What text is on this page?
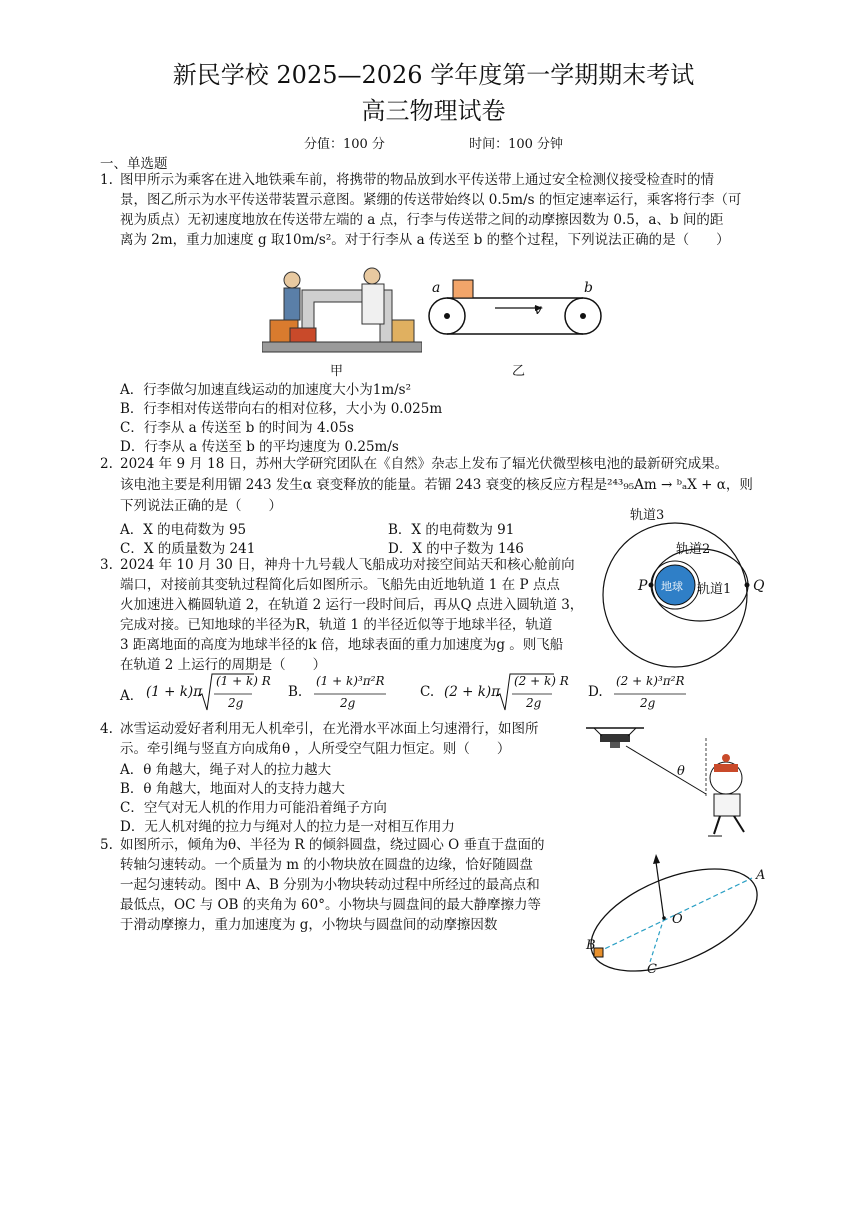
新民学校 2025—2026 学年度第一学期期末考试
高三物理试卷
分值：100 分	时间：100 分钟
一、单选题
1. 图甲所示为乘客在进入地铁乘车前，将携带的物品放到水平传送带上通过安全检测仪接受检查时的情
景，图乙所示为水平传送带装置示意图。紧绷的传送带始终以 0.5m/s 的恒定速率运行，乘客将行李（可
视为质点）无初速度地放在传送带左端的 a 点，行李与传送带之间的动摩擦因数为 0.5，a、b 间的距
离为 2m，重力加速度 g 取10m/s²。对于行李从 a 传送至 b 的整个过程，下列说法正确的是（　　）
甲
a	b
v
乙
A．行李做匀加速直线运动的加速度大小为1m/s²
B．行李相对传送带向右的相对位移，大小为 0.025m
C．行李从 a 传送至 b 的时间为 4.05s
D．行李从 a 传送至 b 的平均速度为 0.25m/s
2. 2024 年 9 月 18 日，苏州大学研究团队在《自然》杂志上发布了辐光伏微型核电池的最新研究成果。
该电池主要是利用镅 243 发生α 衰变释放的能量。若镅 243 衰变的核反应方程是²⁴³₉₅Am → ᵇₐX + α，则
下列说法正确的是（　　）
A．X 的电荷数为 95	B．X 的电荷数为 91
C．X 的质量数为 241	D．X 的中子数为 146
轨道3
轨道2
轨道1
地球
P	Q
3. 2024 年 10 月 30 日，神舟十九号载人飞船成功对接空间站天和核心舱前向
端口，对接前其变轨过程简化后如图所示。飞船先由近地轨道 1 在 P 点点
火加速进入椭圆轨道 2，在轨道 2 运行一段时间后，再从Q 点进入圆轨道 3，
完成对接。已知地球的半径为R，轨道 1 的半径近似等于地球半径，轨道
3 距离地面的高度为地球半径的k 倍，地球表面的重力加速度为g 。则飞船
在轨道 2 上运行的周期是（　　）
A． (1 + k)π
(1 + k) R
2g
B.
(1 + k)³π²R
2g
C. (2 + k)π
(2 + k) R
2g
D.
(2 + k)³π²R
2g
θ
4. 冰雪运动爱好者利用无人机牵引，在光滑水平冰面上匀速滑行，如图所
示。牵引绳与竖直方向成角θ ，人所受空气阻力恒定。则（　　）
A．θ 角越大，绳子对人的拉力越大
B．θ 角越大，地面对人的支持力越大
C．空气对无人机的作用力可能沿着绳子方向
D．无人机对绳的拉力与绳对人的拉力是一对相互作用力
5. 如图所示，倾角为θ、半径为 R 的倾斜圆盘，绕过圆心 O 垂直于盘面的
转轴匀速转动。一个质量为 m 的小物块放在圆盘的边缘，恰好随圆盘
一起匀速转动。图中 A、B 分别为小物块转动过程中所经过的最高点和
最低点，OC 与 OB 的夹角为 60°。小物块与圆盘间的最大静摩擦力等
于滑动摩擦力，重力加速度为 g，小物块与圆盘间的动摩擦因数
A
B
C
O
